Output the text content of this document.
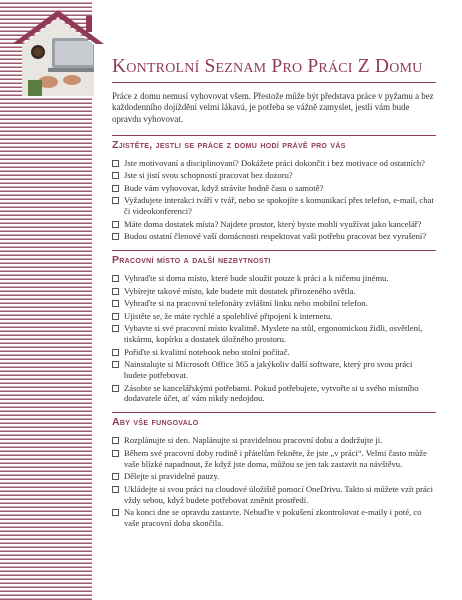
Kontrolní Seznam Pro Práci Z Domu

Práce z domu nemusí vyhovovat všem. Přestože může být představa práce v pyžamu a bez každodenního dojíždění velmi lákavá, je potřeba se vážně zamyslet, jestli vám bude opravdu vyhovovat.

Zjistěte, jestli se práce z domu hodí právě pro vás
Jste motivovaní a disciplinovaní? Dokážete práci dokončit i bez motivace od ostatních?
Jste si jistí svou schopností pracovat bez dozoru?
Bude vám vyhovovat, když strávíte hodně času o samotě?
Vyžadujete interakci tváří v tvář, nebo se spokojíte s komunikací přes telefon, e-mail, chat či videokonferenci?
Máte doma dostatek místa? Najdete prostor, který byste mohli využívat jako kancelář?
Budou ostatní členové vaší domácnosti respektovat vaši potřebu pracovat bez vyrušení?
Pracovní místo a další nezbytnosti
Vyhraďte si doma místo, které bude sloužit pouze k práci a k ničemu jinému.
Vybírejte takové místo, kde budete mít dostatek přirozeného světla.
Vyhraďte si na pracovní telefonáty zvláštní linku nebo mobilní telefon.
Ujistěte se, že máte rychlé a spolehlivé připojení k internetu.
Vybavte si své pracovní místo kvalitně. Myslete na stůl, ergonomickou židli, osvětlení, tiskárnu, kopírku a dostatek úložného prostoru.
Pořiďte si kvalitní notebook nebo stolní počítač.
Nainstalujte si Microsoft Office 365 a jakýkoliv další software, který pro svou práci budete potřebovat.
Zásobte se kancelářskými potřebami. Pokud potřebujete, vytvořte si u svého místního dodavatele účet, ať vám nikdy nedojdou.
Aby vše fungovalo
Rozplánujte si den. Naplánujte si pravidelnou pracovní dobu a dodržujte ji.
Během své pracovní doby rodině i přátelům řekněte, že jste „v práci“. Velmi často může vaše blízké napadnout, že když jste doma, můžou se jen tak zastavit na návštěvu.
Dělejte si pravidelné pauzy.
Ukládejte si svou práci na cloudové úložiště pomocí OneDrivu. Takto si můžete vzít práci vždy sebou, když budete potřebovat změnit prostředí.
Na konci dne se opravdu zastavte. Nebuďte v pokušení zkontrolovat e-maily i poté, co vaše pracovní doba skončila.
